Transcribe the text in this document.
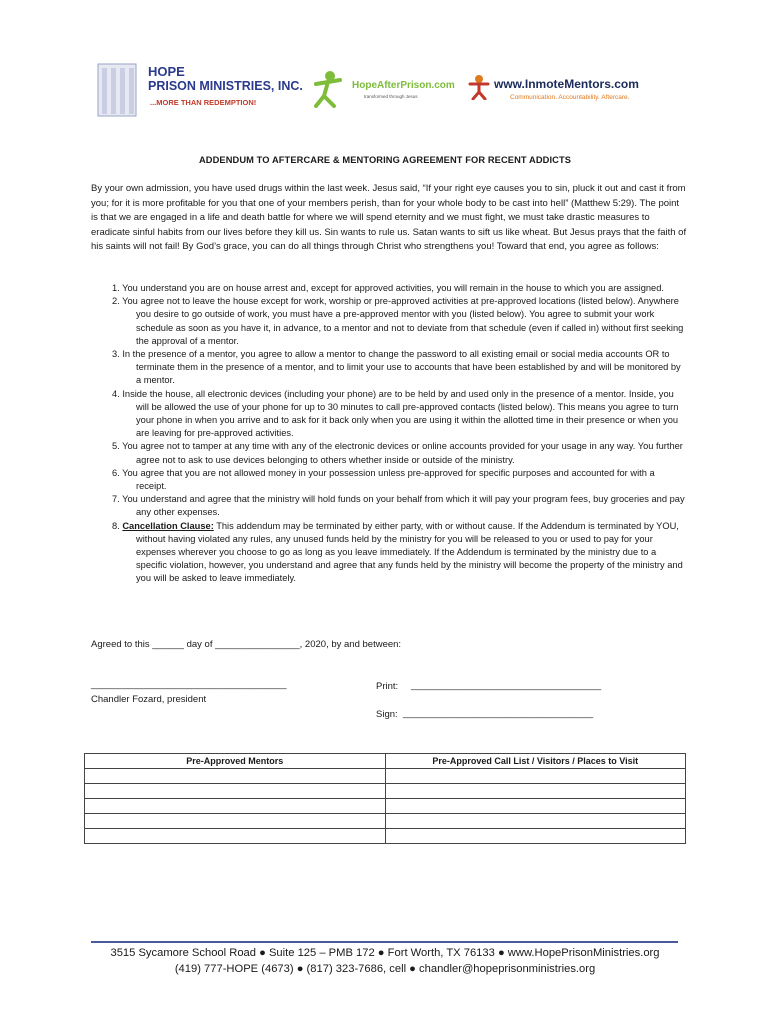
HOPE
PRISON MINISTRIES, INC.
...MORE THAN REDEMPTION!
HopeAfterPrison.com
transformed through Jesus
www.InmoteMentors.com
Communication. Accountability. Aftercare.
ADDENDUM TO AFTERCARE & MENTORING AGREEMENT FOR RECENT ADDICTS
By your own admission, you have used drugs within the last week. Jesus said, “If your right eye causes you to sin, pluck it out and cast it from you; for it is more profitable for you that one of your members perish, than for your whole body to be cast into hell” (Matthew 5:29). The point is that we are engaged in a life and death battle for where we will spend eternity and we must fight, we must take drastic measures to eradicate sinful habits from our lives before they kill us. Sin wants to rule us. Satan wants to sift us like wheat. But Jesus prays that the faith of his saints will not fail! By God’s grace, you can do all things through Christ who strengthens you! Toward that end, you agree as follows:
1. You understand you are on house arrest and, except for approved activities, you will remain in the house to which you are assigned.
2. You agree not to leave the house except for work, worship or pre-approved activities at pre-approved locations (listed below). Anywhere you desire to go outside of work, you must have a pre-approved mentor with you (listed below). You agree to submit your work schedule as soon as you have it, in advance, to a mentor and not to deviate from that schedule (even if called in) without first seeking the approval of a mentor.
3. In the presence of a mentor, you agree to allow a mentor to change the password to all existing email or social media accounts OR to terminate them in the presence of a mentor, and to limit your use to accounts that have been established by and will be monitored by a mentor.
4. Inside the house, all electronic devices (including your phone) are to be held by and used only in the presence of a mentor. Inside, you will be allowed the use of your phone for up to 30 minutes to call pre-approved contacts (listed below). This means you agree to turn your phone in when you arrive and to ask for it back only when you are using it within the allotted time in their presence or when you are leaving for pre-approved activities.
5. You agree not to tamper at any time with any of the electronic devices or online accounts provided for your usage in any way. You further agree not to ask to use devices belonging to others whether inside or outside of the ministry.
6. You agree that you are not allowed money in your possession unless pre-approved for specific purposes and accounted for with a receipt.
7. You understand and agree that the ministry will hold funds on your behalf from which it will pay your program fees, buy groceries and pay any other expenses.
8. Cancellation Clause: This addendum may be terminated by either party, with or without cause. If the Addendum is terminated by YOU, without having violated any rules, any unused funds held by the ministry for you will be released to you or used to pay for your expenses wherever you choose to go as long as you leave immediately. If the Addendum is terminated by the ministry due to a specific violation, however, you understand and agree that any funds held by the ministry will become the property of the ministry and you will be asked to leave immediately.
Agreed to this ______ day of ________________, 2020, by and between:
_____________________________________
Chandler Fozard, president
Print: ____________________________________
Sign: ____________________________________
Pre-Approved Mentors	Pre-Approved Call List / Visitors / Places to Visit

3515 Sycamore School Road ● Suite 125 – PMB 172 ● Fort Worth, TX 76133 ● www.HopePrisonMinistries.org
(419) 777-HOPE (4673) ● (817) 323-7686, cell ● chandler@hopeprisonministries.org
